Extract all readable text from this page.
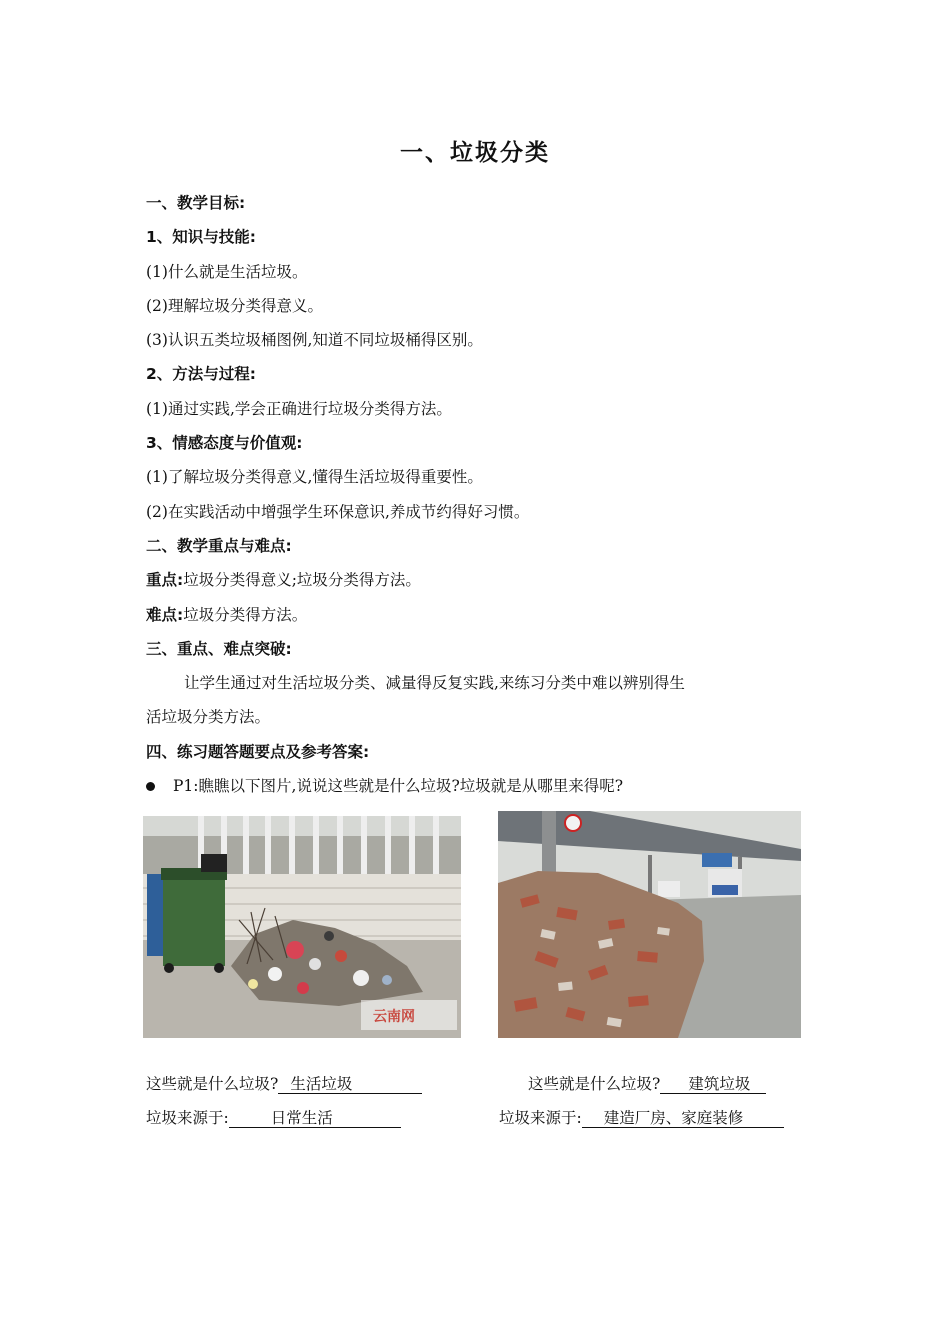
一、垃圾分类
一、教学目标:
1、知识与技能:
(1)什么就是生活垃圾。
(2)理解垃圾分类得意义。
(3)认识五类垃圾桶图例,知道不同垃圾桶得区别。
2、方法与过程:
(1)通过实践,学会正确进行垃圾分类得方法。
3、情感态度与价值观:
(1)了解垃圾分类得意义,懂得生活垃圾得重要性。
(2)在实践活动中增强学生环保意识,养成节约得好习惯。
二、教学重点与难点:
重点:垃圾分类得意义;垃圾分类得方法。
难点:垃圾分类得方法。
三、重点、难点突破:
让学生通过对生活垃圾分类、减量得反复实践,来练习分类中难以辨别得生
活垃圾分类方法。
四、练习题答题要点及参考答案:
P1:瞧瞧以下图片,说说这些就是什么垃圾?垃圾就是从哪里来得呢?
云南网
这些就是什么垃圾? 生活垃圾
垃圾来源于:	日常生活
这些就是什么垃圾? 建筑垃圾
垃圾来源于: 建造厂房、家庭装修
